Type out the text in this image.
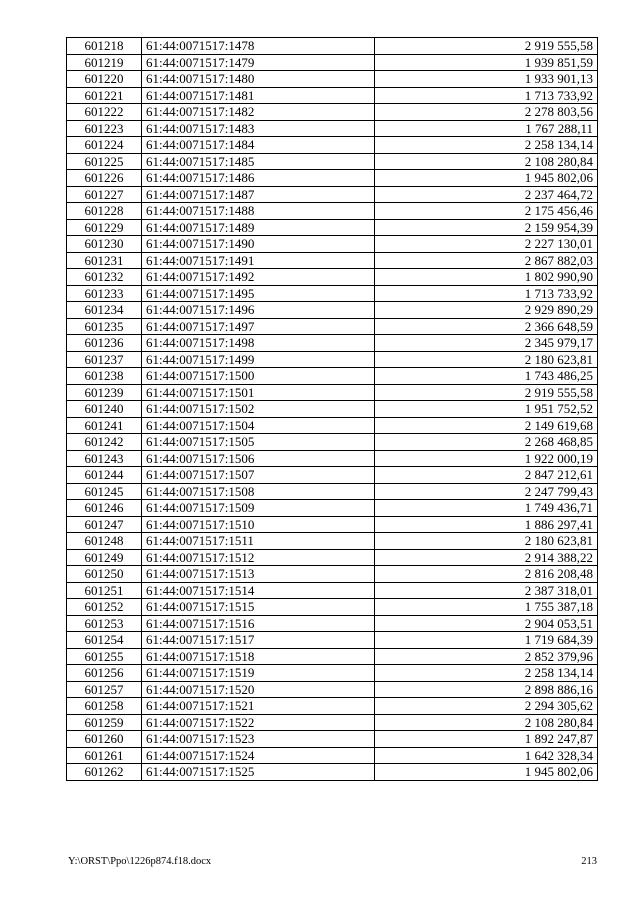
601218	61:44:0071517:1478	2 919 555,58
601219	61:44:0071517:1479	1 939 851,59
601220	61:44:0071517:1480	1 933 901,13
601221	61:44:0071517:1481	1 713 733,92
601222	61:44:0071517:1482	2 278 803,56
601223	61:44:0071517:1483	1 767 288,11
601224	61:44:0071517:1484	2 258 134,14
601225	61:44:0071517:1485	2 108 280,84
601226	61:44:0071517:1486	1 945 802,06
601227	61:44:0071517:1487	2 237 464,72
601228	61:44:0071517:1488	2 175 456,46
601229	61:44:0071517:1489	2 159 954,39
601230	61:44:0071517:1490	2 227 130,01
601231	61:44:0071517:1491	2 867 882,03
601232	61:44:0071517:1492	1 802 990,90
601233	61:44:0071517:1495	1 713 733,92
601234	61:44:0071517:1496	2 929 890,29
601235	61:44:0071517:1497	2 366 648,59
601236	61:44:0071517:1498	2 345 979,17
601237	61:44:0071517:1499	2 180 623,81
601238	61:44:0071517:1500	1 743 486,25
601239	61:44:0071517:1501	2 919 555,58
601240	61:44:0071517:1502	1 951 752,52
601241	61:44:0071517:1504	2 149 619,68
601242	61:44:0071517:1505	2 268 468,85
601243	61:44:0071517:1506	1 922 000,19
601244	61:44:0071517:1507	2 847 212,61
601245	61:44:0071517:1508	2 247 799,43
601246	61:44:0071517:1509	1 749 436,71
601247	61:44:0071517:1510	1 886 297,41
601248	61:44:0071517:1511	2 180 623,81
601249	61:44:0071517:1512	2 914 388,22
601250	61:44:0071517:1513	2 816 208,48
601251	61:44:0071517:1514	2 387 318,01
601252	61:44:0071517:1515	1 755 387,18
601253	61:44:0071517:1516	2 904 053,51
601254	61:44:0071517:1517	1 719 684,39
601255	61:44:0071517:1518	2 852 379,96
601256	61:44:0071517:1519	2 258 134,14
601257	61:44:0071517:1520	2 898 886,16
601258	61:44:0071517:1521	2 294 305,62
601259	61:44:0071517:1522	2 108 280,84
601260	61:44:0071517:1523	1 892 247,87
601261	61:44:0071517:1524	1 642 328,34
601262	61:44:0071517:1525	1 945 802,06
Y:\ORST\Ppo\1226p874.f18.docx	213
